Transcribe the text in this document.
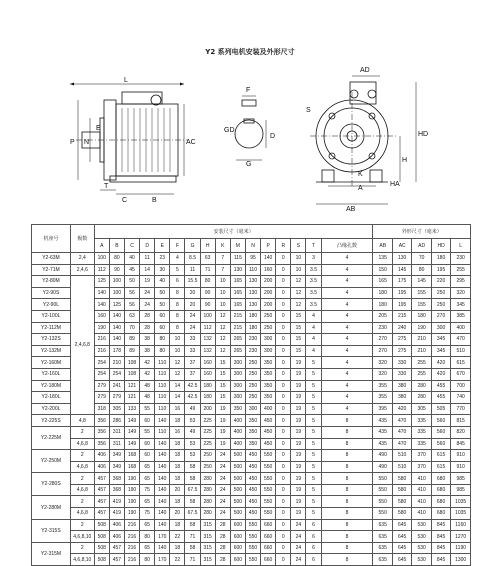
Y2 系列电机安装及外形尺寸
L
P N
E
AC
T
C	B
F
GD
D
G
AD
S
K
A
AB
HA
H
HD
机座号	极数	安装尺寸（毫米）																外形尺寸（毫米）				
		A	B	C	D	E	F	G	H	K	M	N	P	R	S	T	凸缘孔数	AB	AC	AD	HD	L
Y2-63M	2,4	100	80	40	11	23	4	8.5	63	7	115	95	140	0	10	3	4	135	130	70	180	230
Y2-71M	2,4,6	112	90	45	14	30	5	11	71	7	130	110	160	0	10	3.5	4	150	145	80	195	255
Y2-80M	2,4,6,8	125	100	50	19	40	6	15.5	80	10	165	130	200	0	12	3.5	4	165	175	145	220	295
Y2-90S		140	100	56	24	50	8	20	90	10	165	130	200	0	12	3.5	4	180	195	155	250	320
Y2-90L		140	125	56	24	50	8	20	90	10	165	130	200	0	12	3.5	4	180	195	155	250	345
Y2-100L		160	140	63	28	60	8	24	100	12	215	180	250	0	15	4	4	205	215	180	270	385
Y2-112M		190	140	70	28	60	8	24	112	12	215	180	250	0	15	4	4	230	240	190	300	400
Y2-132S		216	140	89	38	80	10	33	132	12	265	230	300	0	15	4	4	270	275	210	345	470
Y2-132M		216	178	89	38	80	10	33	132	12	265	230	300	0	15	4	4	270	275	210	345	510
Y2-160M		254	210	108	42	110	12	37	160	15	300	250	350	0	19	5	4	320	330	255	420	615
Y2-160L		254	254	108	42	110	12	37	160	15	300	250	350	0	19	5	4	320	330	255	420	670
Y2-180M		279	241	121	48	110	14	42.5	180	15	300	250	350	0	19	5	4	355	380	280	455	700
Y2-180L		279	279	121	48	110	14	42.5	180	15	300	250	350	0	19	5	4	355	380	280	455	740
Y2-200L		318	305	133	55	110	16	49	200	19	350	300	400	0	19	5	4	395	420	305	505	770
Y2-225S	4,8	356	286	149	60	140	18	53	225	19	400	350	450	0	19	5	8	435	470	335	560	815
Y2-225M	2	356	311	149	55	110	16	49	225	19	400	350	450	0	19	5	8	435	470	335	560	820
	4,6,8	356	311	149	60	140	18	53	225	19	400	350	450	0	19	5	8	435	470	335	560	845
Y2-250M	2	406	349	168	60	140	18	53	250	24	500	450	550	0	19	5	8	490	510	370	615	910
	4,6,8	406	349	168	65	140	18	58	250	24	500	450	550	0	19	5	8	490	510	370	615	910
Y2-280S	2	457	368	190	65	140	18	58	280	24	500	450	550	0	19	5	8	550	580	410	680	985
	4,6,8	457	368	190	75	140	20	67.5	280	24	500	450	550	0	19	5	8	550	580	410	680	985
Y2-280M	2	457	419	190	65	140	18	58	280	24	500	450	550	0	19	5	8	550	580	410	680	1035
	4,6,8	457	419	190	75	140	20	67.5	280	24	500	450	550	0	19	5	8	550	580	410	680	1035
Y2-315S	2	508	406	216	65	140	18	58	315	28	600	550	660	0	24	6	8	635	645	530	845	1160
	4,6,8,10	508	406	216	80	170	22	71	315	28	600	550	660	0	24	6	8	635	645	530	845	1270
Y2-315M	2	508	457	216	65	140	18	58	315	28	600	550	660	0	24	6	8	635	645	530	845	1190
	4,6,8,10	508	457	216	80	170	22	71	315	28	600	550	660	0	24	6	8	635	645	530	845	1300
